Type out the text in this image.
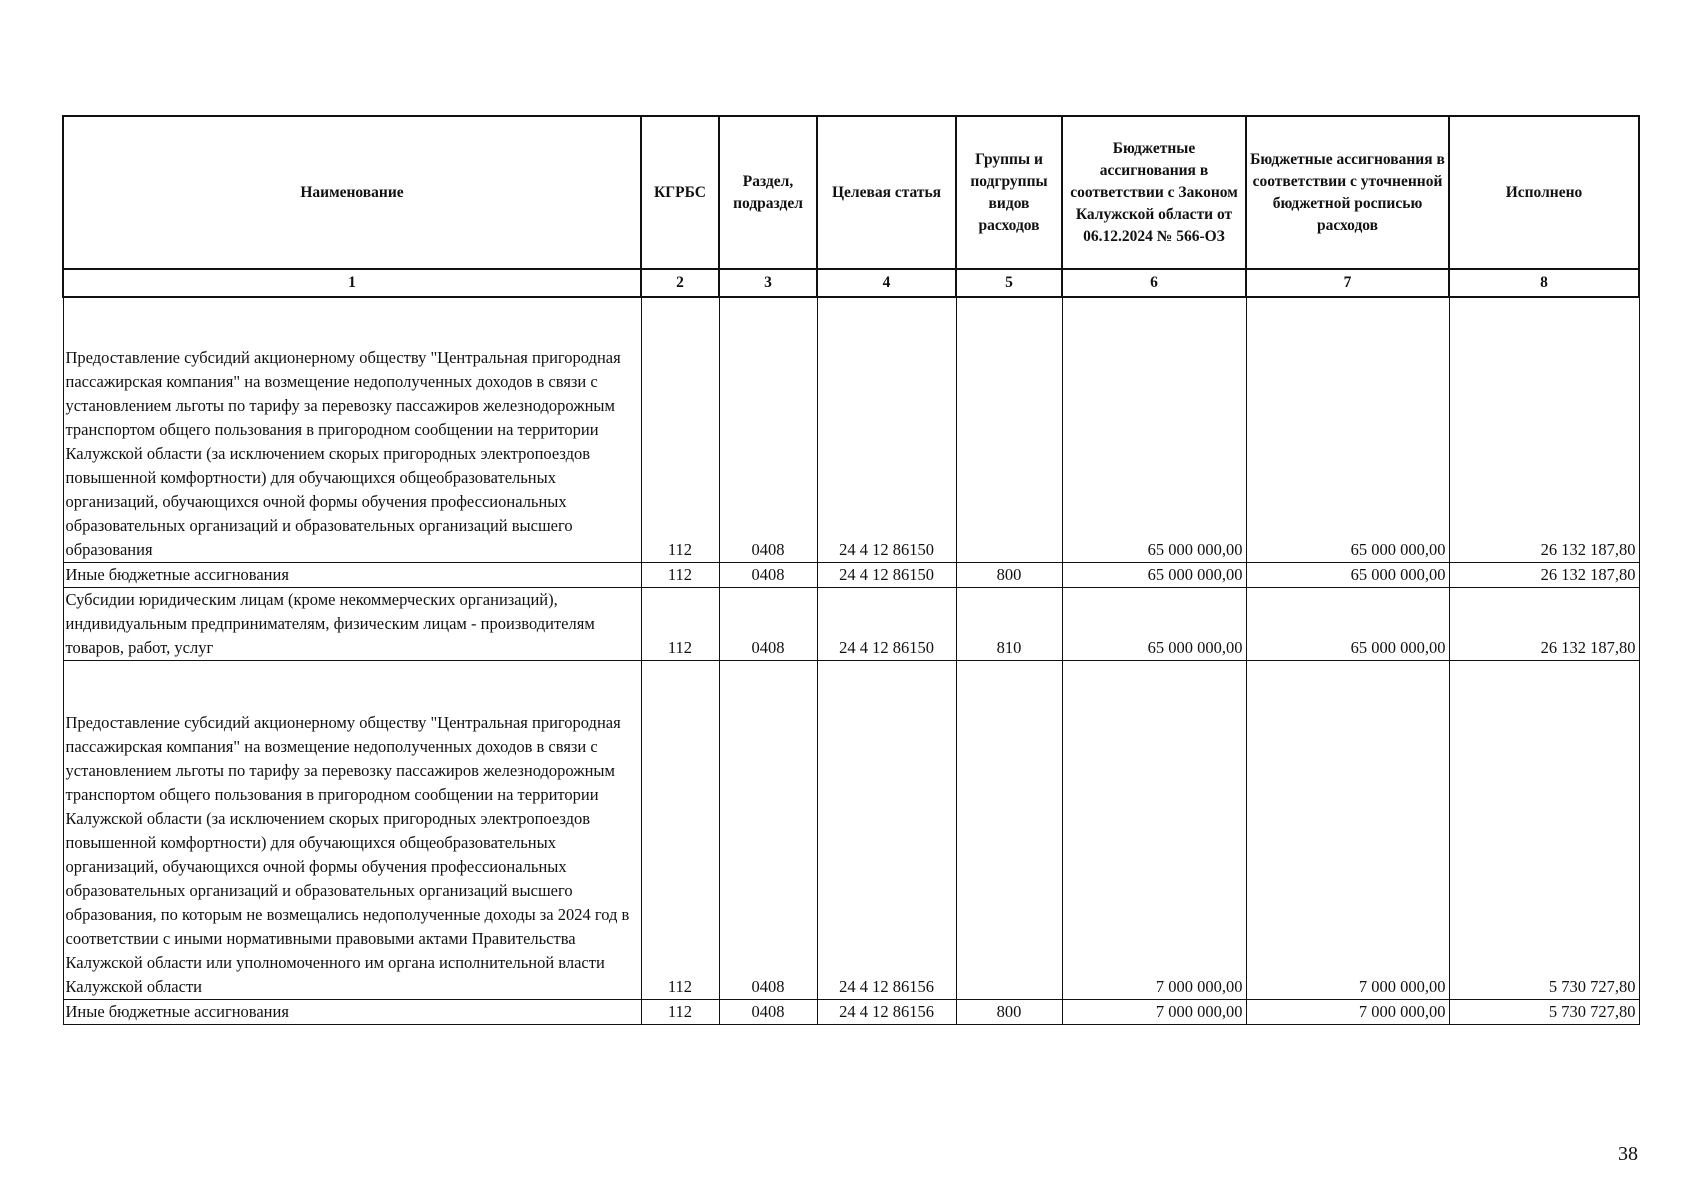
Наименование	КГРБС	Раздел, подраздел	Целевая статья	Группы и подгруппы видов расходов	Бюджетные ассигнования в соответствии с Законом Калужской области от 06.12.2024 № 566-ОЗ	Бюджетные ассигнования в соответствии с уточненной бюджетной росписью расходов	Исполнено
1	2	3	4	5	6	7	8

Предоставление субсидий акционерному обществу "Центральная пригородная пассажирская компания" на возмещение недополученных доходов в связи с установлением льготы по тарифу за перевозку пассажиров железнодорожным транспортом общего пользования в пригородном сообщении на территории Калужской области (за исключением скорых пригородных электропоездов повышенной комфортности) для обучающихся общеобразовательных организаций, обучающихся очной формы обучения профессиональных образовательных организаций и образовательных организаций высшего образования	112	0408	24 4 12 86150		65 000 000,00	65 000 000,00	26 132 187,80
Иные бюджетные ассигнования	112	0408	24 4 12 86150	800	65 000 000,00	65 000 000,00	26 132 187,80
Субсидии юридическим лицам (кроме некоммерческих организаций), индивидуальным предпринимателям, физическим лицам - производителям товаров, работ, услуг	112	0408	24 4 12 86150	810	65 000 000,00	65 000 000,00	26 132 187,80

Предоставление субсидий акционерному обществу "Центральная пригородная пассажирская компания" на возмещение недополученных доходов в связи с установлением льготы по тарифу за перевозку пассажиров железнодорожным транспортом общего пользования в пригородном сообщении на территории Калужской области (за исключением скорых пригородных электропоездов повышенной комфортности) для обучающихся общеобразовательных организаций, обучающихся очной формы обучения профессиональных образовательных организаций и образовательных организаций высшего образования, по которым не возмещались недополученные доходы за 2024 год в соответствии с иными нормативными правовыми актами Правительства Калужской области или уполномоченного им органа исполнительной власти Калужской области	112	0408	24 4 12 86156		7 000 000,00	7 000 000,00	5 730 727,80
Иные бюджетные ассигнования	112	0408	24 4 12 86156	800	7 000 000,00	7 000 000,00	5 730 727,80
38
